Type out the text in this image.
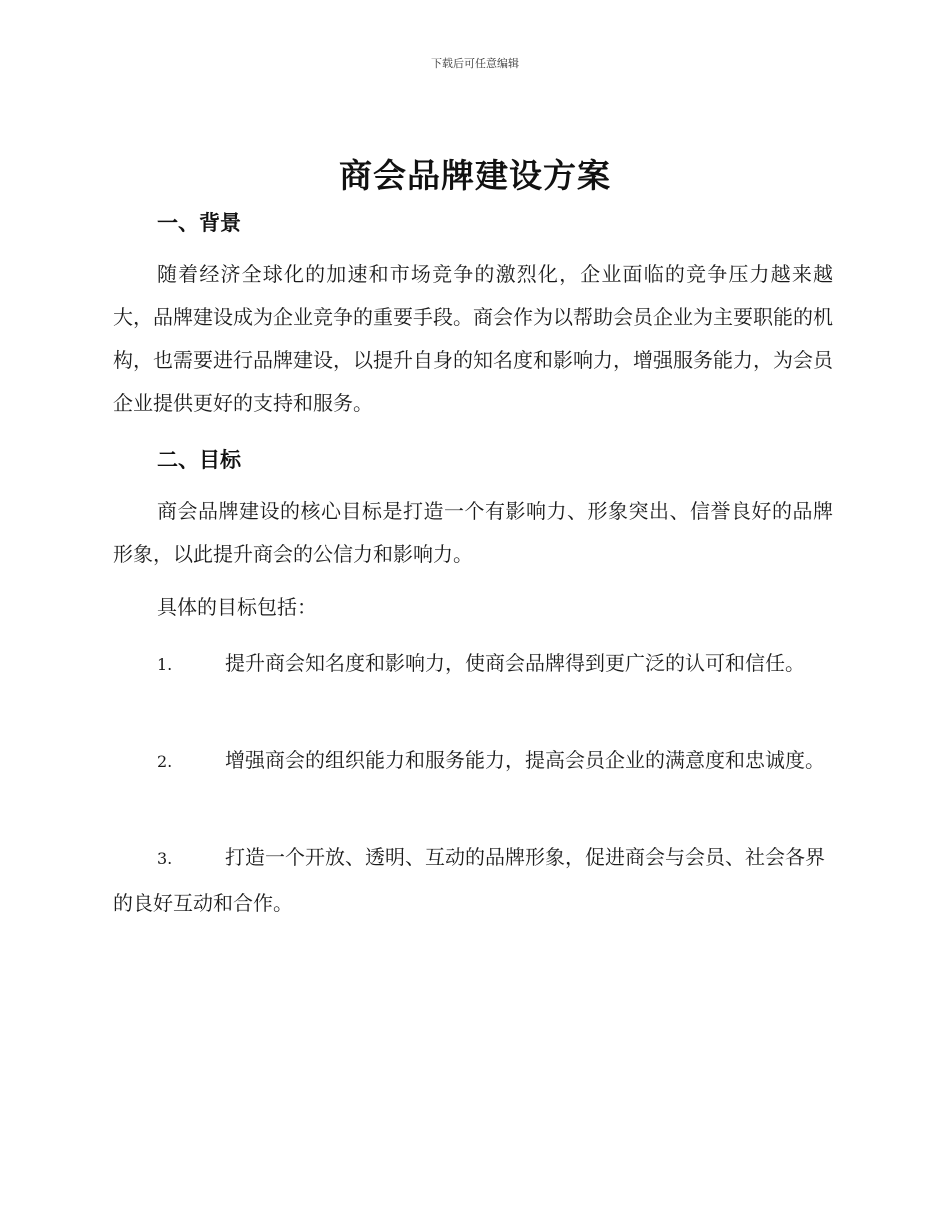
下载后可任意编辑
商会品牌建设方案
一、背景
随着经济全球化的加速和市场竞争的激烈化，企业面临的竞争压力越来越大，品牌建设成为企业竞争的重要手段。商会作为以帮助会员企业为主要职能的机构，也需要进行品牌建设，以提升自身的知名度和影响力，增强服务能力，为会员企业提供更好的支持和服务。
二、目标
商会品牌建设的核心目标是打造一个有影响力、形象突出、信誉良好的品牌形象，以此提升商会的公信力和影响力。
具体的目标包括：
1.	提升商会知名度和影响力，使商会品牌得到更广泛的认可和信任。
2.	增强商会的组织能力和服务能力，提高会员企业的满意度和忠诚度。
3.	打造一个开放、透明、互动的品牌形象，促进商会与会员、社会各界的良好互动和合作。
